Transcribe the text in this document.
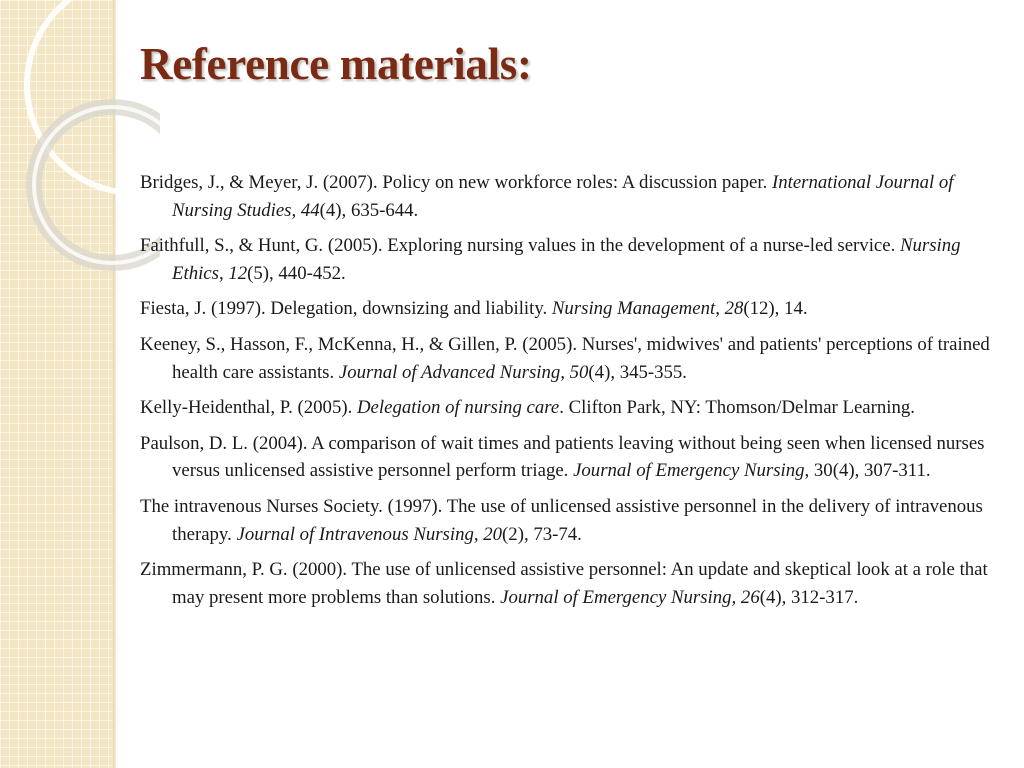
Reference materials:

Bridges, J., & Meyer, J. (2007). Policy on new workforce roles: A discussion paper. International Journal of Nursing Studies, 44(4), 635-644.

Faithfull, S., & Hunt, G. (2005). Exploring nursing values in the development of a nurse-led service. Nursing Ethics, 12(5), 440-452.

Fiesta, J. (1997). Delegation, downsizing and liability. Nursing Management, 28(12), 14.

Keeney, S., Hasson, F., McKenna, H., & Gillen, P. (2005). Nurses', midwives' and patients' perceptions of trained health care assistants. Journal of Advanced Nursing, 50(4), 345-355.

Kelly-Heidenthal, P. (2005). Delegation of nursing care. Clifton Park, NY: Thomson/Delmar Learning.

Paulson, D. L. (2004). A comparison of wait times and patients leaving without being seen when licensed nurses versus unlicensed assistive personnel perform triage. Journal of Emergency Nursing, 30(4), 307-311.

The intravenous Nurses Society. (1997). The use of unlicensed assistive personnel in the delivery of intravenous therapy. Journal of Intravenous Nursing, 20(2), 73-74.

Zimmermann, P. G. (2000). The use of unlicensed assistive personnel: An update and skeptical look at a role that may present more problems than solutions. Journal of Emergency Nursing, 26(4), 312-317.
